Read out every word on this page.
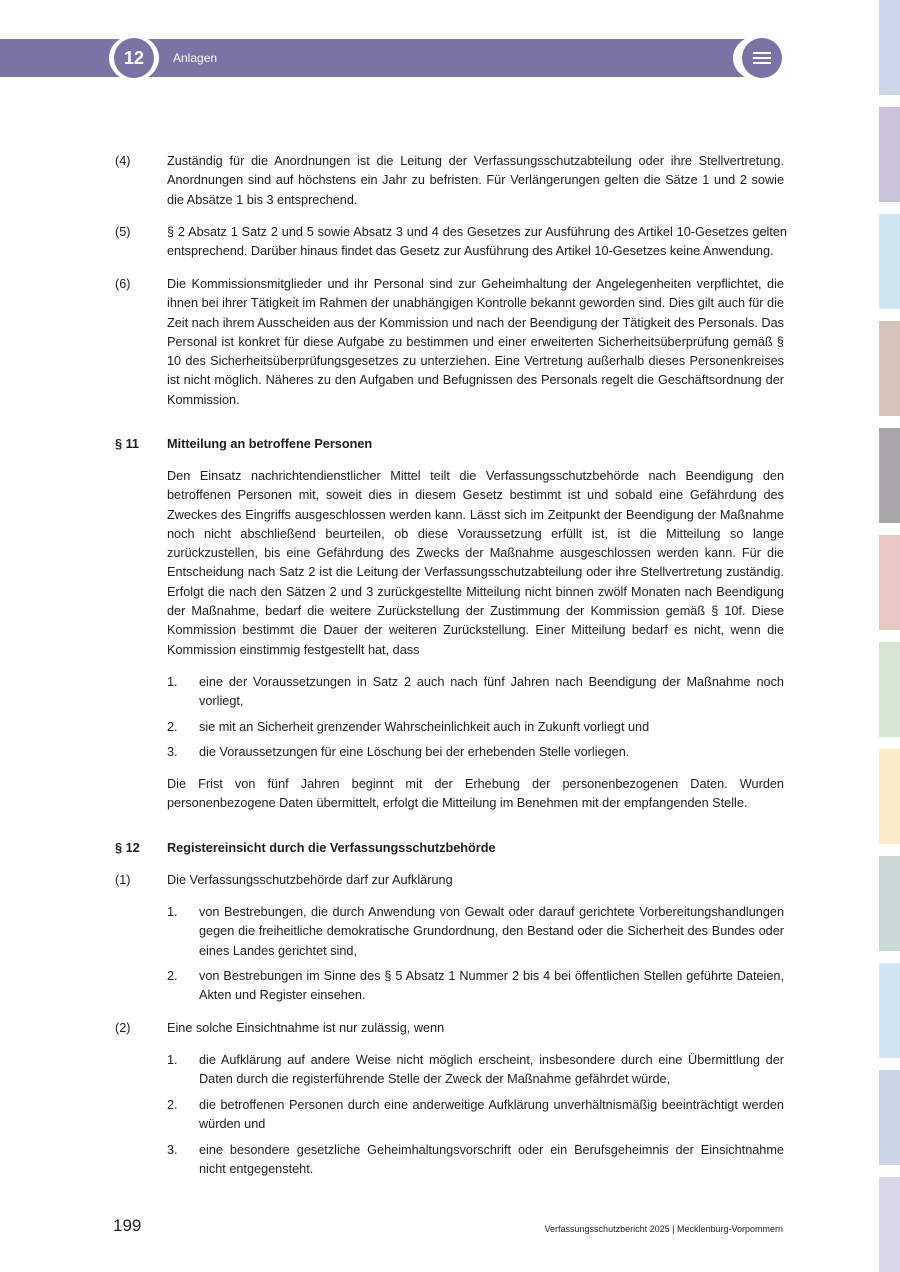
12	Anlagen
(4)	Zuständig für die Anordnungen ist die Leitung der Verfassungsschutzabteilung oder ihre Stellvertretung. Anordnungen sind auf höchstens ein Jahr zu befristen. Für Verlängerungen gelten die Sätze 1 und 2 sowie die Absätze 1 bis 3 entsprechend.
(5)	§ 2 Absatz 1 Satz 2 und 5 sowie Absatz 3 und 4 des Gesetzes zur Ausführung des Artikel 10-Gesetzes gelten entsprechend. Darüber hinaus findet das Gesetz zur Ausführung des Artikel 10-Gesetzes keine Anwendung.
(6)	Die Kommissionsmitglieder und ihr Personal sind zur Geheimhaltung der Angelegenheiten verpflichtet, die ihnen bei ihrer Tätigkeit im Rahmen der unabhängigen Kontrolle bekannt geworden sind. Dies gilt auch für die Zeit nach ihrem Ausscheiden aus der Kommission und nach der Beendigung der Tätigkeit des Personals. Das Personal ist konkret für diese Aufgabe zu bestimmen und einer erweiterten Sicherheitsüberprüfung gemäß § 10 des Sicherheitsüberprüfungsgesetzes zu unterziehen. Eine Vertretung außerhalb dieses Personenkreises ist nicht möglich. Näheres zu den Aufgaben und Befugnissen des Personals regelt die Geschäftsordnung der Kommission.
§ 11 Mitteilung an betroffene Personen
Den Einsatz nachrichtendienstlicher Mittel teilt die Verfassungsschutzbehörde nach Beendigung den betroffenen Personen mit, soweit dies in diesem Gesetz bestimmt ist und sobald eine Gefährdung des Zweckes des Eingriffs ausgeschlossen werden kann. Lässt sich im Zeitpunkt der Beendigung der Maßnahme noch nicht abschließend beurteilen, ob diese Voraussetzung erfüllt ist, ist die Mitteilung so lange zurückzustellen, bis eine Gefährdung des Zwecks der Maßnahme ausgeschlossen werden kann. Für die Entscheidung nach Satz 2 ist die Leitung der Verfassungsschutzabteilung oder ihre Stellvertretung zuständig. Erfolgt die nach den Sätzen 2 und 3 zurückgestellte Mitteilung nicht binnen zwölf Monaten nach Beendigung der Maßnahme, bedarf die weitere Zurückstellung der Zustimmung der Kommission gemäß § 10f. Diese Kommission bestimmt die Dauer der weiteren Zurückstellung. Einer Mitteilung bedarf es nicht, wenn die Kommission einstimmig festgestellt hat, dass
1. eine der Voraussetzungen in Satz 2 auch nach fünf Jahren nach Beendigung der Maßnahme noch vorliegt,
2. sie mit an Sicherheit grenzender Wahrscheinlichkeit auch in Zukunft vorliegt und
3. die Voraussetzungen für eine Löschung bei der erhebenden Stelle vorliegen.
Die Frist von fünf Jahren beginnt mit der Erhebung der personenbezogenen Daten. Wurden personenbezogene Daten übermittelt, erfolgt die Mitteilung im Benehmen mit der empfangenden Stelle.
§ 12 Registereinsicht durch die Verfassungsschutzbehörde
(1)	Die Verfassungsschutzbehörde darf zur Aufklärung
1. von Bestrebungen, die durch Anwendung von Gewalt oder darauf gerichtete Vorbereitungshandlungen gegen die freiheitliche demokratische Grundordnung, den Bestand oder die Sicherheit des Bundes oder eines Landes gerichtet sind,
2. von Bestrebungen im Sinne des § 5 Absatz 1 Nummer 2 bis 4 bei öffentlichen Stellen geführte Dateien, Akten und Register einsehen.
(2)	Eine solche Einsichtnahme ist nur zulässig, wenn
1. die Aufklärung auf andere Weise nicht möglich erscheint, insbesondere durch eine Übermittlung der Daten durch die registerführende Stelle der Zweck der Maßnahme gefährdet würde,
2. die betroffenen Personen durch eine anderweitige Aufklärung unverhältnismäßig beeinträchtigt werden würden und
3. eine besondere gesetzliche Geheimhaltungsvorschrift oder ein Berufsgeheimnis der Einsichtnahme nicht entgegensteht.
199	Verfassungsschutzbericht 2025 | Mecklenburg-Vorpommern
